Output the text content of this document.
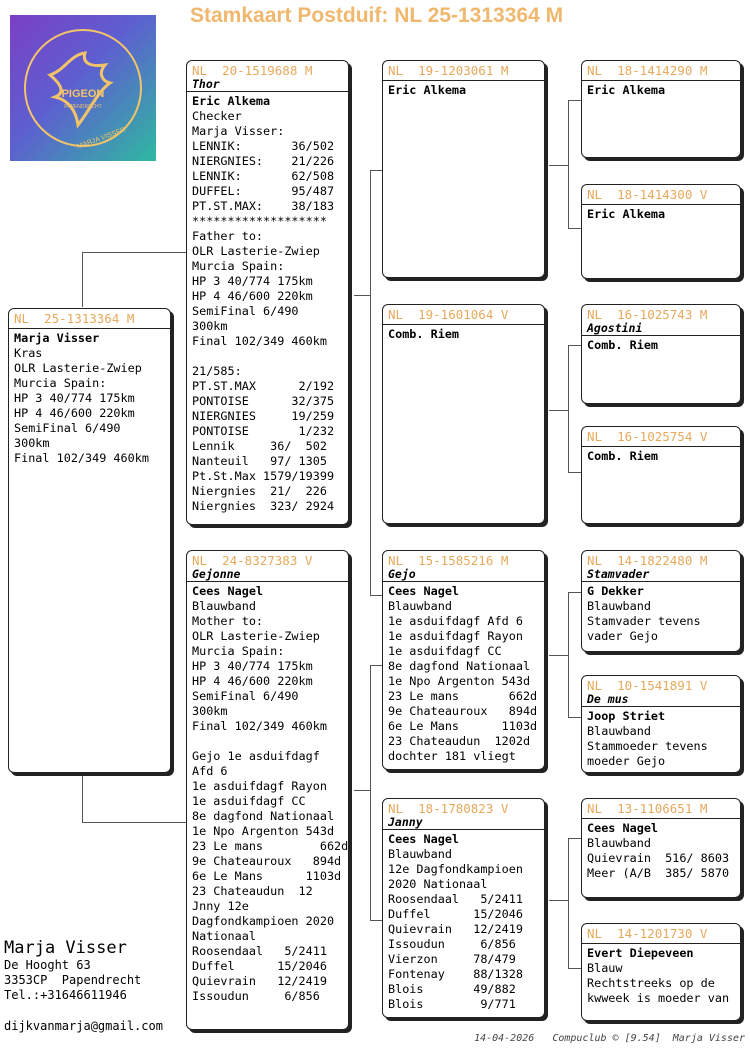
Stamkaart Postduif: NL 25-1313364 M
PIGEON
PAPENDRECHT
MARJA VISSER
NL  25-1313364 M
Marja Visser
Kras
OLR Lasterie-Zwiep
Murcia Spain:
HP 3 40/774 175km
HP 4 46/600 220km
SemiFinal 6/490
300km
Final 102/349 460km
NL  20-1519688 M
Thor
Eric Alkema
Checker
Marja Visser:
LENNIK:       36/502
NIERGNIES:    21/226
LENNIK:       62/508
DUFFEL:       95/487
PT.ST.MAX:    38/183
*******************
Father to:
OLR Lasterie-Zwiep
Murcia Spain:
HP 3 40/774 175km
HP 4 46/600 220km
SemiFinal 6/490
300km
Final 102/349 460km
21/585:
PT.ST.MAX      2/192
PONTOISE      32/375
NIERGNIES     19/259
PONTOISE       1/232
Lennik     36/  502
Nanteuil   97/ 1305
Pt.St.Max 1579/19399
Niergnies  21/  226
Niergnies  323/ 2924
NL  24-8327383 V
Gejonne
Cees Nagel
Blauwband
Mother to:
OLR Lasterie-Zwiep
Murcia Spain:
HP 3 40/774 175km
HP 4 46/600 220km
SemiFinal 6/490
300km
Final 102/349 460km
Gejo 1e asduifdagf
Afd 6
1e asduifdagf Rayon
1e asduifdagf CC
8e dagfond Nationaal
1e Npo Argenton 543d
23 Le mans        662d
9e Chateauroux   894d
6e Le Mans      1103d
23 Chateaudun  12
Jnny 12e
Dagfondkampioen 2020
Nationaal
Roosendaal   5/2411
Duffel      15/2046
Quievrain   12/2419
Issoudun     6/856
NL  19-1203061 M
Eric Alkema
NL  19-1601064 V
Comb. Riem
NL  15-1585216 M
Gejo
Cees Nagel
Blauwband
1e asduifdagf Afd 6
1e asduifdagf Rayon
1e asduifdagf CC
8e dagfond Nationaal
1e Npo Argenton 543d
23 Le mans       662d
9e Chateauroux   894d
6e Le Mans      1103d
23 Chateaudun  1202d
dochter 181 vliegt
NL  18-1780823 V
Janny
Cees Nagel
Blauwband
12e Dagfondkampioen
2020 Nationaal
Roosendaal   5/2411
Duffel      15/2046
Quievrain   12/2419
Issoudun     6/856
Vierzon     78/479
Fontenay    88/1328
Blois       49/882
Blois        9/771
NL  18-1414290 M
Eric Alkema
NL  18-1414300 V
Eric Alkema
NL  16-1025743 M
Agostini
Comb. Riem
NL  16-1025754 V
Comb. Riem
NL  14-1822480 M
Stamvader
G Dekker
Blauwband
Stamvader tevens
vader Gejo
NL  10-1541891 V
De mus
Joop Striet
Blauwband
Stammoeder tevens
moeder Gejo
NL  13-1106651 M
Cees Nagel
Blauwband
Quievrain  516/ 8603
Meer (A/B  385/ 5870
NL  14-1201730 V
Evert Diepeveen
Blauw
Rechtstreeks op de
kwweek is moeder van
Marja Visser
De Hooght 63
3353CP  Papendrecht
Tel.:+31646611946
dijkvanmarja@gmail.com
14-04-2026 Compuclub © [9.54]  Marja Visser
